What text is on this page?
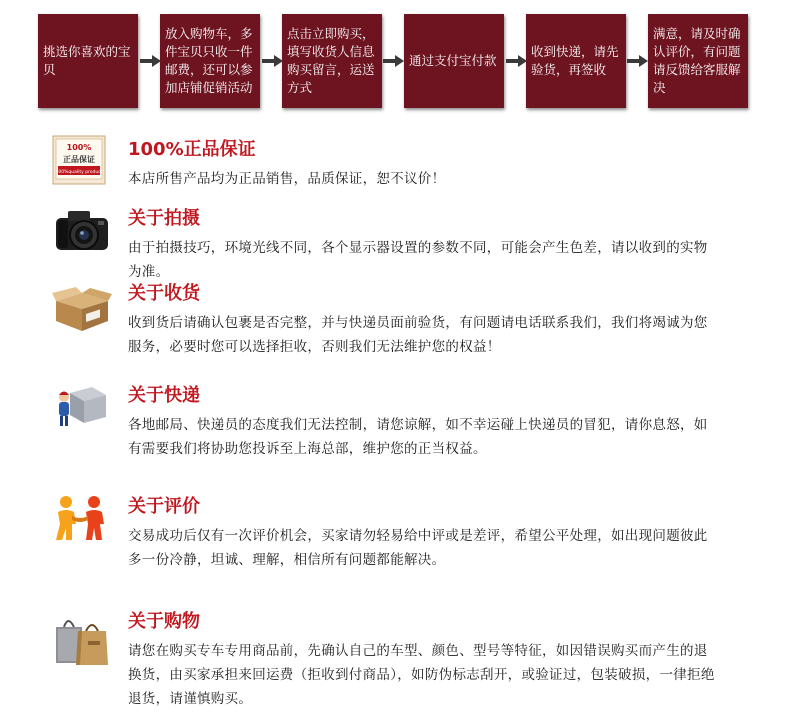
挑选你喜欢的宝贝
放入购物车，多件宝贝只收一件邮费，还可以参加店铺促销活动
点击立即购买，填写收货人信息购买留言，运送方式
通过支付宝付款
收到快递，请先验货，再签收
满意，请及时确认评价，有问题请反馈给客服解决
100%
正品保证
100%quality product
100%正品保证
本店所售产品均为正品销售，品质保证，恕不议价！
关于拍摄
由于拍摄技巧，环境光线不同，各个显示器设置的参数不同，可能会产生色差，请以收到的实物为准。
关于收货
收到货后请确认包裹是否完整，并与快递员面前验货，有问题请电话联系我们，我们将竭诚为您服务，必要时您可以选择拒收，否则我们无法维护您的权益！
关于快递
各地邮局、快递员的态度我们无法控制，请您谅解，如不幸运碰上快递员的冒犯，请你息怒，如有需要我们将协助您投诉至上海总部，维护您的正当权益。
关于评价
交易成功后仅有一次评价机会，买家请勿轻易给中评或是差评，希望公平处理，如出现问题彼此多一份冷静，坦诚、理解，相信所有问题都能解决。
关于购物
请您在购买专车专用商品前，先确认自己的车型、颜色、型号等特征，如因错误购买而产生的退换货，由买家承担来回运费（拒收到付商品），如防伪标志刮开，或验证过，包装破损，一律拒绝退货，请谨慎购买。
